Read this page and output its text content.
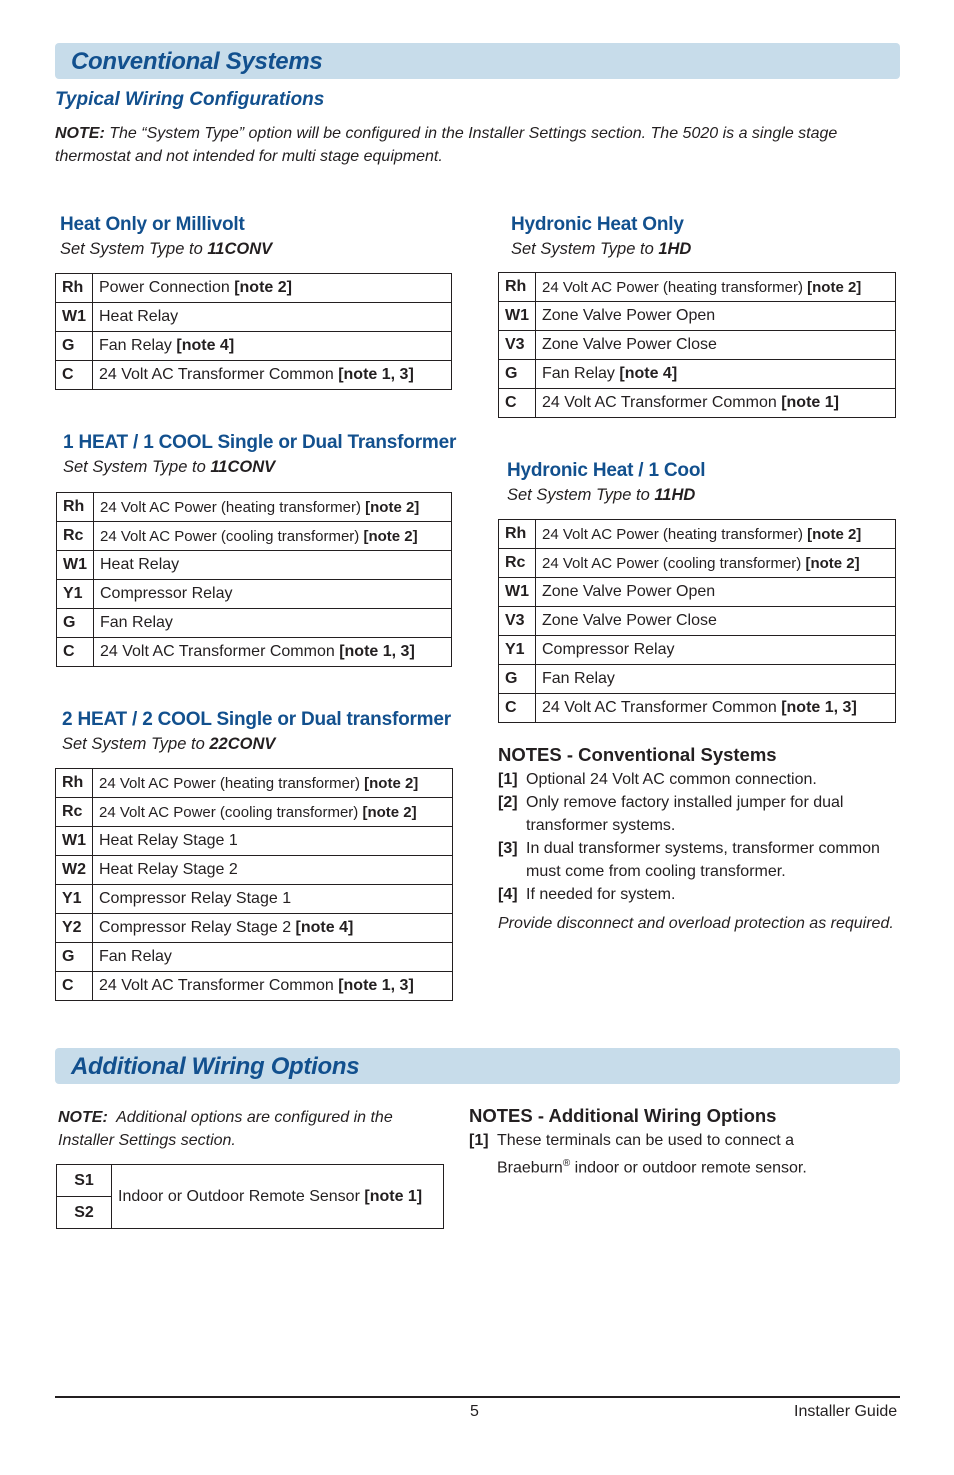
Conventional Systems
Typical Wiring Configurations
NOTE: The “System Type” option will be configured in the Installer Settings section. The 5020 is a single stage thermostat and not intended for multi stage equipment.
Heat Only or Millivolt
Set System Type to 11CONV
Rh	Power Connection [note 2]
W1	Heat Relay
G	Fan Relay [note 4]
C	24 Volt AC Transformer Common [note 1, 3]
1 HEAT / 1 COOL Single or Dual Transformer
Set System Type to 11CONV
Rh	24 Volt AC Power (heating transformer) [note 2]
Rc	24 Volt AC Power (cooling transformer) [note 2]
W1	Heat Relay
Y1	Compressor Relay
G	Fan Relay
C	24 Volt AC Transformer Common [note 1, 3]
2 HEAT / 2 COOL Single or Dual transformer
Set System Type to 22CONV
Rh	24 Volt AC Power (heating transformer) [note 2]
Rc	24 Volt AC Power (cooling transformer) [note 2]
W1	Heat Relay Stage 1
W2	Heat Relay Stage 2
Y1	Compressor Relay Stage 1
Y2	Compressor Relay Stage 2 [note 4]
G	Fan Relay
C	24 Volt AC Transformer Common [note 1, 3]
Hydronic Heat Only
Set System Type to 1HD
Rh	24 Volt AC Power (heating transformer) [note 2]
W1	Zone Valve Power Open
V3	Zone Valve Power Close
G	Fan Relay [note 4]
C	24 Volt AC Transformer Common [note 1]
Hydronic Heat / 1 Cool
Set System Type to 11HD
Rh	24 Volt AC Power (heating transformer) [note 2]
Rc	24 Volt AC Power (cooling transformer) [note 2]
W1	Zone Valve Power Open
V3	Zone Valve Power Close
Y1	Compressor Relay
G	Fan Relay
C	24 Volt AC Transformer Common [note 1, 3]
NOTES - Conventional Systems
[1] Optional 24 Volt AC common connection.
[2] Only remove factory installed jumper for dual transformer systems.
[3] In dual transformer systems, transformer common must come from cooling transformer.
[4] If needed for system.
Provide disconnect and overload protection as required.
Additional Wiring Options
NOTE:  Additional options are configured in the Installer Settings section.
S1	Indoor or Outdoor Remote Sensor [note 1]
S2
NOTES - Additional Wiring Options
[1] These terminals can be used to connect a Braeburn® indoor or outdoor remote sensor.
5	Installer Guide
